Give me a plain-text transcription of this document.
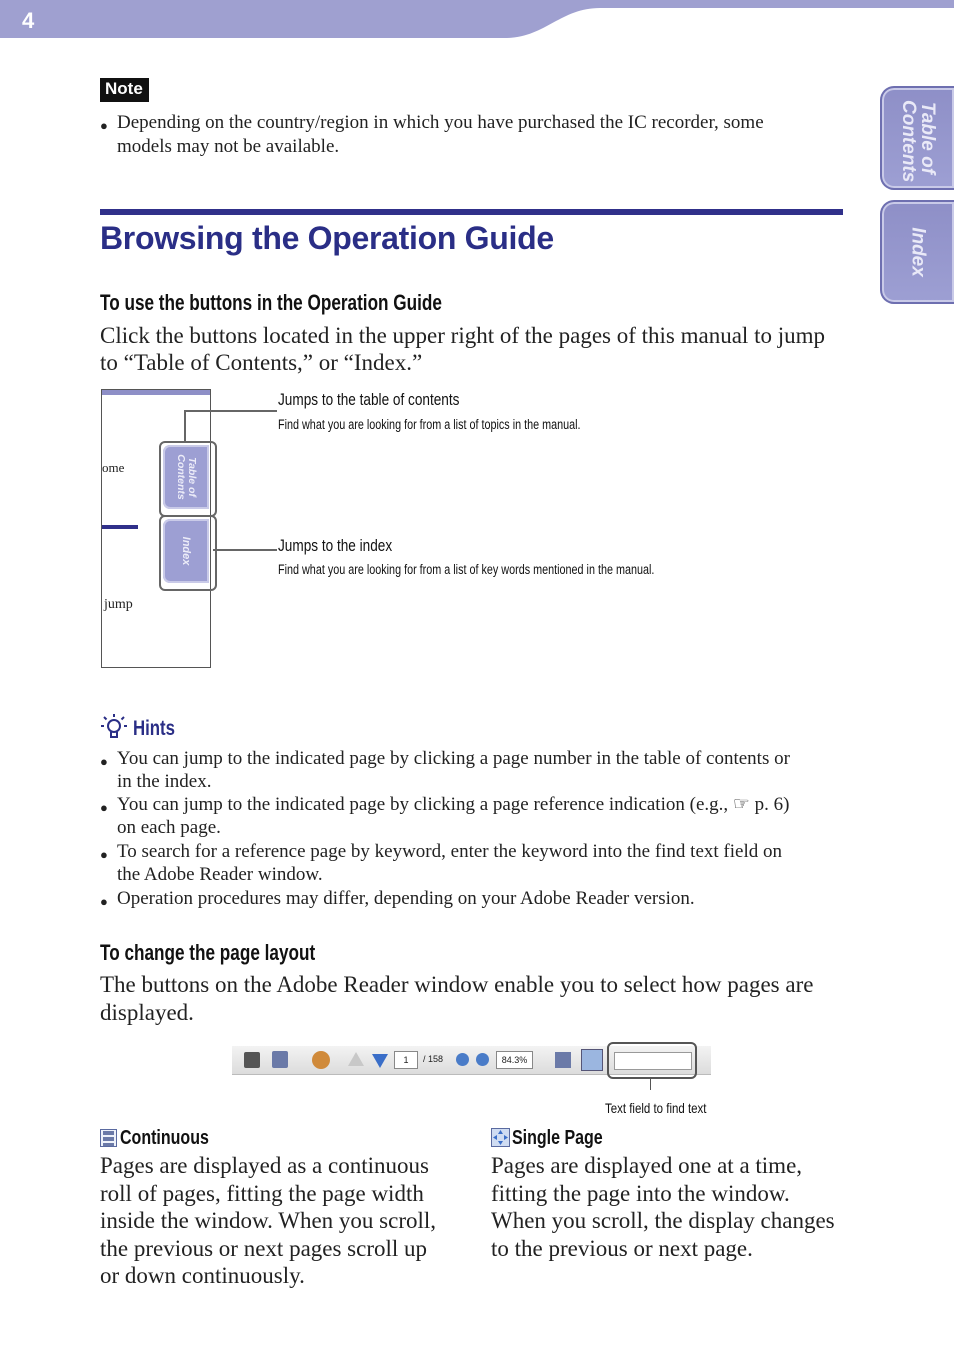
4
Table of Contents
Index
Note
● Depending on the country/region in which you have purchased the IC recorder, some
models may not be available.
Browsing the Operation Guide
To use the buttons in the Operation Guide
Click the buttons located in the upper right of the pages of this manual to jump
to “Table of Contents,” or “Index.”
ome
jump
Table of Contents
Index
Jumps to the table of contents
Find what you are looking for from a list of topics in the manual.
Jumps to the index
Find what you are looking for from a list of key words mentioned in the manual.
Hints
● You can jump to the indicated page by clicking a page number in the table of contents or
in the index.
● You can jump to the indicated page by clicking a page reference indication (e.g., ☞ p. 6)
on each page.
● To search for a reference page by keyword, enter the keyword into the find text field on
the Adobe Reader window.
● Operation procedures may differ, depending on your Adobe Reader version.
To change the page layout
The buttons on the Adobe Reader window enable you to select how pages are
displayed.
1	/ 158	84.3%
Text field to find text
Continuous
Pages are displayed as a continuous
roll of pages, fitting the page width
inside the window. When you scroll,
the previous or next pages scroll up
or down continuously.
Single Page
Pages are displayed one at a time,
fitting the page into the window.
When you scroll, the display changes
to the previous or next page.
